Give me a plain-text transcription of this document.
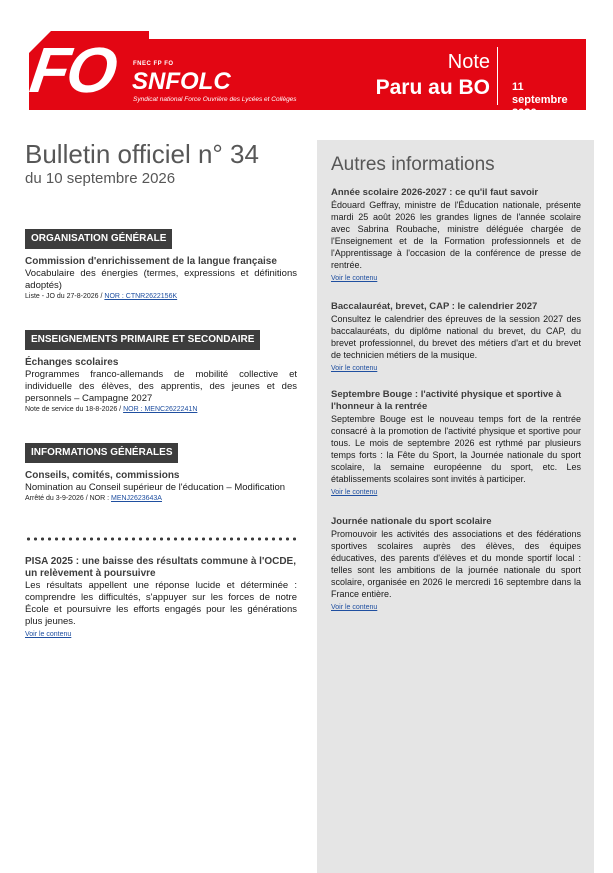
FO FNEC FP FO
SNFOLC
Syndicat national Force Ouvrière des Lycées et Collèges
Note
Paru au BO 11 septembre 2026
Bulletin officiel n° 34
du 10 septembre 2026
ORGANISATION GÉNÉRALE
Commission d'enrichissement de la langue française
Vocabulaire des énergies (termes, expressions et définitions adoptés)
Liste - JO du 27-8-2026 / NOR : CTNR2622156K
ENSEIGNEMENTS PRIMAIRE ET SECONDAIRE
Échanges scolaires
Programmes franco-allemands de mobilité collective et individuelle des élèves, des apprentis, des jeunes et des personnels – Campagne 2027
Note de service du 18-8-2026 / NOR : MENC2622241N
INFORMATIONS GÉNÉRALES
Conseils, comités, commissions
Nomination au Conseil supérieur de l'éducation – Modification
Arrêté du 3-9-2026 / NOR : MENJ2623643A
PISA 2025 : une baisse des résultats commune à l'OCDE, un relèvement à poursuivre
Les résultats appellent une réponse lucide et déterminée : comprendre les difficultés, s'appuyer sur les forces de notre École et poursuivre les efforts engagés pour les générations plus jeunes.
Voir le contenu
Autres informations
Année scolaire 2026-2027 : ce qu'il faut savoir
Édouard Geffray, ministre de l'Éducation nationale, présente mardi 25 août 2026 les grandes lignes de l'année scolaire avec Sabrina Roubache, ministre déléguée chargée de l'Enseignement et de la Formation professionnels et de l'Apprentissage à l'occasion de la conférence de presse de rentrée.
Voir le contenu
Baccalauréat, brevet, CAP : le calendrier 2027
Consultez le calendrier des épreuves de la session 2027 des baccalauréats, du diplôme national du brevet, du CAP, du brevet professionnel, du brevet des métiers d'art et du brevet de technicien métiers de la musique.
Voir le contenu
Septembre Bouge : l'activité physique et sportive à l'honneur à la rentrée
Septembre Bouge est le nouveau temps fort de la rentrée consacré à la promotion de l'activité physique et sportive pour tous. Le mois de septembre 2026 est rythmé par plusieurs temps forts : la Fête du Sport, la Journée nationale du sport scolaire, la semaine européenne du sport, etc. Les établissements scolaires sont invités à participer.
Voir le contenu
Journée nationale du sport scolaire
Promouvoir les activités des associations et des fédérations sportives scolaires auprès des élèves, des équipes éducatives, des parents d'élèves et du monde sportif local : telles sont les ambitions de la journée nationale du sport scolaire, organisée en 2026 le mercredi 16 septembre dans la France entière.
Voir le contenu
